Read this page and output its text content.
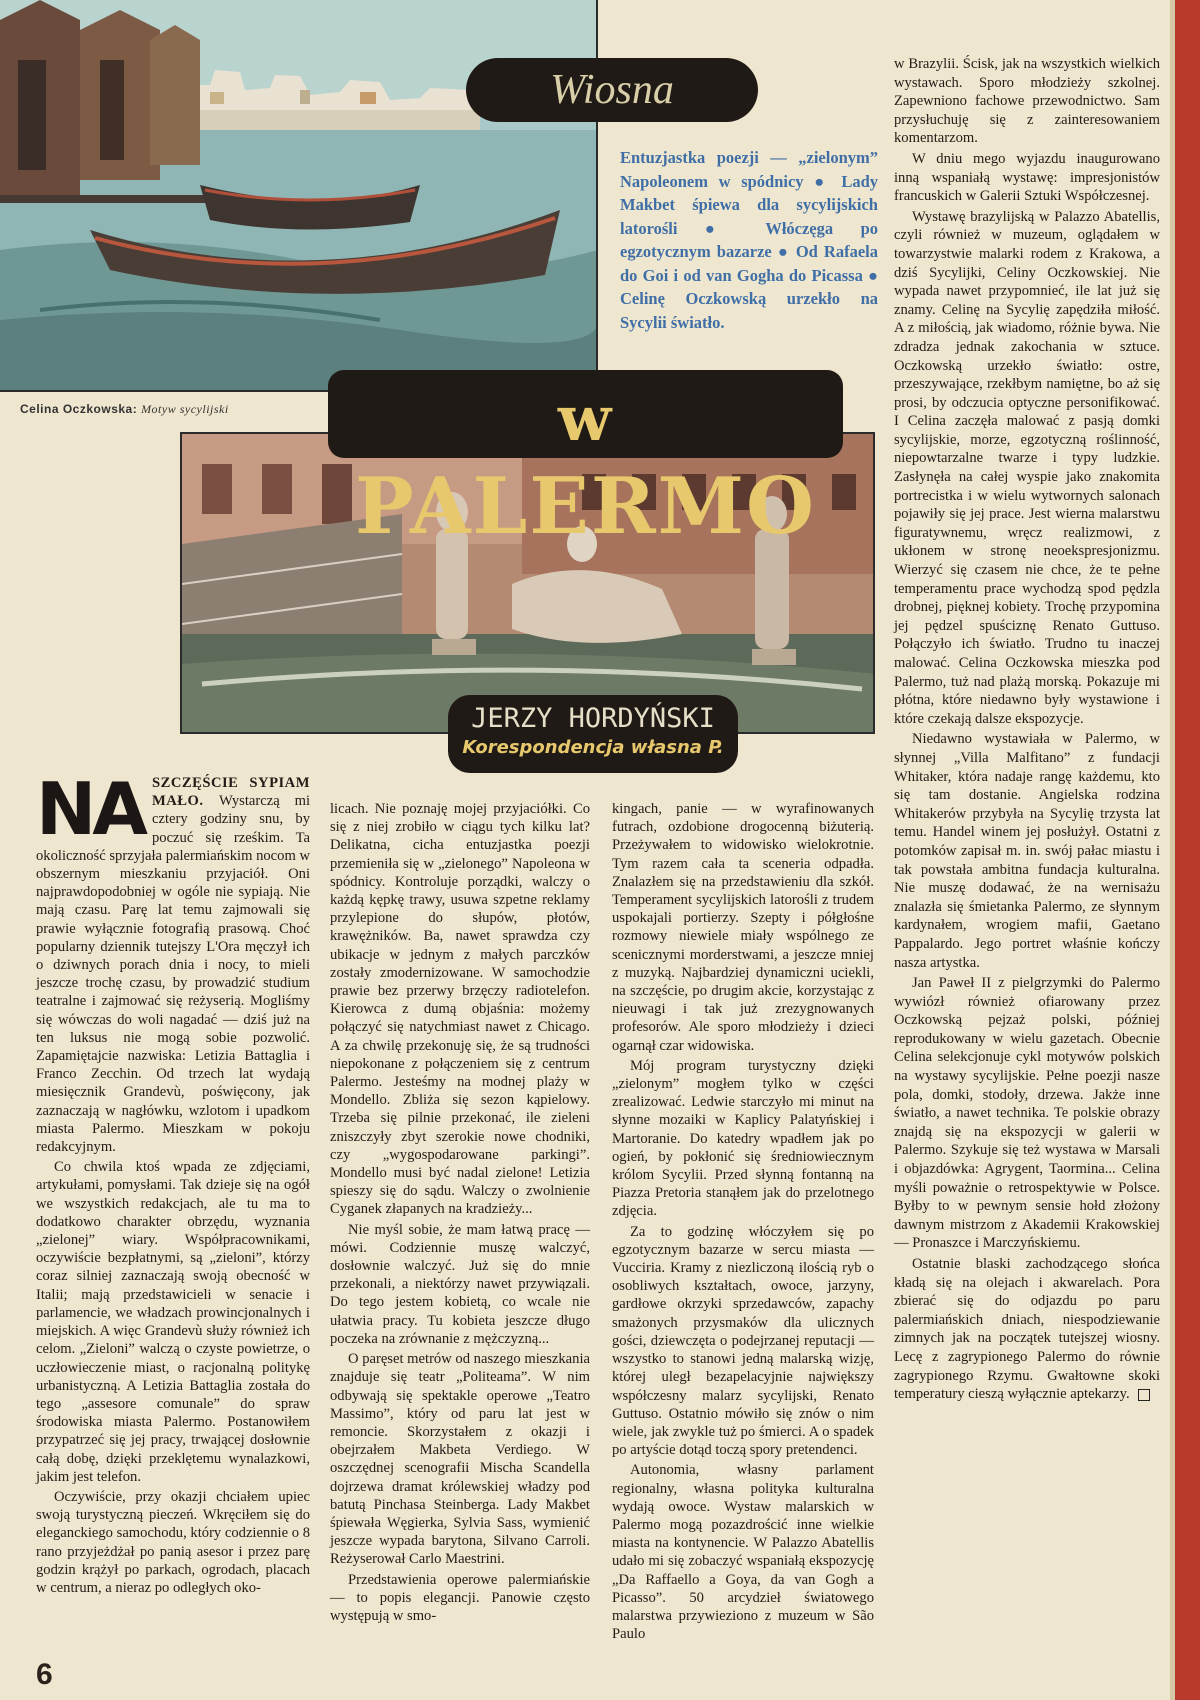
Celina Oczkowska: Motyw sycylijski
Wiosna
Entuzjastka poezji — „zielonym” Napoleonem w spódnicy ● Lady Makbet śpiewa dla sycylijskich latorośli ● Włóczęga po egzotycznym bazarze ● Od Rafaela do Goi i od van Gogha do Picassa ● Celinę Oczkowską urzekło na Sycylii światło.
w PALERMO
JERZY HORDYŃSKI
Korespondencja własna P.

NA SZCZĘŚCIE SYPIAM MAŁO. Wystarczą mi cztery godziny snu, by poczuć się rześkim. Ta okoliczność sprzyjała palermiańskim nocom w obszernym mieszkaniu przyjaciół. Oni najprawdopodobniej w ogóle nie sypiają. Nie mają czasu. Parę lat temu zajmowali się prawie wyłącznie fotografią prasową. Choć popularny dziennik tutejszy L'Ora męczył ich o dziwnych porach dnia i nocy, to mieli jeszcze trochę czasu, by prowadzić studium teatralne i zajmować się reżyserią. Mogliśmy się wówczas do woli nagadać — dziś już na ten luksus nie mogą sobie pozwolić. Zapamiętajcie nazwiska: Letizia Battaglia i Franco Zecchin. Od trzech lat wydają miesięcznik Grandevù, poświęcony, jak zaznaczają w nagłówku, wzlotom i upadkom miasta Palermo. Mieszkam w pokoju redakcyjnym.

Co chwila ktoś wpada ze zdjęciami, artykułami, pomysłami. Tak dzieje się na ogół we wszystkich redakcjach, ale tu ma to dodatkowo charakter obrzędu, wyznania „zielonej” wiary. Współpracownikami, oczywiście bezpłatnymi, są „zieloni”, którzy coraz silniej zaznaczają swoją obecność w Italii; mają przedstawicieli w senacie i parlamencie, we władzach prowincjonalnych i miejskich. A więc Grandevù służy również ich celom. „Zieloni” walczą o czyste powietrze, o uczłowieczenie miast, o racjonalną politykę urbanistyczną. A Letizia Battaglia została do tego „assesore comunale” do spraw środowiska miasta Palermo. Postanowiłem przypatrzeć się jej pracy, trwającej dosłownie całą dobę, dzięki przeklętemu wynalazkowi, jakim jest telefon.

Oczywiście, przy okazji chciałem upiec swoją turystyczną pieczeń. Wkręciłem się do eleganckiego samochodu, który codziennie o 8 rano przyjeżdżał po panią asesor i przez parę godzin krążył po parkach, ogrodach, placach w centrum, a nieraz po odległych oko-

licach. Nie poznaję mojej przyjaciółki. Co się z niej zrobiło w ciągu tych kilku lat? Delikatna, cicha entuzjastka poezji przemieniła się w „zielonego” Napoleona w spódnicy. Kontroluje porządki, walczy o każdą kępkę trawy, usuwa szpetne reklamy przylepione do słupów, płotów, krawężników. Ba, nawet sprawdza czy ubikacje w jednym z małych parczków zostały zmodernizowane. W samochodzie prawie bez przerwy brzęczy radiotelefon. Kierowca z dumą objaśnia: możemy połączyć się natychmiast nawet z Chicago. A za chwilę przekonuję się, że są trudności niepokonane z połączeniem się z centrum Palermo. Jesteśmy na modnej plaży w Mondello. Zbliża się sezon kąpielowy. Trzeba się pilnie przekonać, ile zieleni zniszczyły zbyt szerokie nowe chodniki, czy „wygospodarowane parkingi”. Mondello musi być nadal zielone! Letizia spieszy się do sądu. Walczy o zwolnienie Cyganek złapanych na kradzieży...

Nie myśl sobie, że mam łatwą pracę — mówi. Codziennie muszę walczyć, dosłownie walczyć. Już się do mnie przekonali, a niektórzy nawet przywiązali. Do tego jestem kobietą, co wcale nie ułatwia pracy. Tu kobieta jeszcze długo poczeka na zrównanie z mężczyzną...

O paręset metrów od naszego mieszkania znajduje się teatr „Politeama”. W nim odbywają się spektakle operowe „Teatro Massimo”, który od paru lat jest w remoncie. Skorzystałem z okazji i obejrzałem Makbeta Verdiego. W oszczędnej scenografii Mischa Scandella dojrzewa dramat królewskiej władzy pod batutą Pinchasa Steinberga. Lady Makbet śpiewała Węgierka, Sylvia Sass, wymienić jeszcze wypada barytona, Silvano Carroli. Reżyserował Carlo Maestrini.

Przedstawienia operowe palermiańskie — to popis elegancji. Panowie często występują w smo-

kingach, panie — w wyrafinowanych futrach, ozdobione drogocenną biżuterią. Przeżywałem to widowisko wielokrotnie. Tym razem cała ta sceneria odpadła. Znalazłem się na przedstawieniu dla szkół. Temperament sycylijskich latorośli z trudem uspokajali portierzy. Szepty i półgłośne rozmowy niewiele miały wspólnego ze scenicznymi morderstwami, a jeszcze mniej z muzyką. Najbardziej dynamiczni uciekli, na szczęście, po drugim akcie, korzystając z nieuwagi i tak już zrezygnowanych profesorów. Ale sporo młodzieży i dzieci ogarnął czar widowiska.

Mój program turystyczny dzięki „zielonym” mogłem tylko w części zrealizować. Ledwie starczyło mi minut na słynne mozaiki w Kaplicy Palatyńskiej i Martoranie. Do katedry wpadłem jak po ogień, by pokłonić się średniowiecznym królom Sycylii. Przed słynną fontanną na Piazza Pretoria stanąłem jak do przelotnego zdjęcia.

Za to godzinę włóczyłem się po egzotycznym bazarze w sercu miasta — Vucciria. Kramy z niezliczoną ilością ryb o osobliwych kształtach, owoce, jarzyny, gardłowe okrzyki sprzedawców, zapachy smażonych przysmaków dla ulicznych gości, dziewczęta o podejrzanej reputacji — wszystko to stanowi jedną malarską wizję, której uległ bezapelacyjnie największy współczesny malarz sycylijski, Renato Guttuso. Ostatnio mówiło się znów o nim wiele, jak zwykle tuż po śmierci. A o spadek po artyście dotąd toczą spory pretendenci.

Autonomia, własny parlament regionalny, własna polityka kulturalna wydają owoce. Wystaw malarskich w Palermo mogą pozazdrościć inne wielkie miasta na kontynencie. W Palazzo Abatellis udało mi się zobaczyć wspaniałą ekspozycję „Da Raffaello a Goya, da van Gogh a Picasso”. 50 arcydzieł światowego malarstwa przywieziono z muzeum w São Paulo

w Brazylii. Ścisk, jak na wszystkich wielkich wystawach. Sporo młodzieży szkolnej. Zapewniono fachowe przewodnictwo. Sam przysłuchuję się z zainteresowaniem komentarzom.

W dniu mego wyjazdu inaugurowano inną wspaniałą wystawę: impresjonistów francuskich w Galerii Sztuki Współczesnej.

Wystawę brazylijską w Palazzo Abatellis, czyli również w muzeum, oglądałem w towarzystwie malarki rodem z Krakowa, a dziś Sycylijki, Celiny Oczkowskiej. Nie wypada nawet przypomnieć, ile lat już się znamy. Celinę na Sycylię zapędziła miłość. A z miłością, jak wiadomo, różnie bywa. Nie zdradza jednak zakochania w sztuce. Oczkowską urzekło światło: ostre, przeszywające, rzekłbym namiętne, bo aż się prosi, by odczucia optyczne personifikować. I Celina zaczęła malować z pasją domki sycylijskie, morze, egzotyczną roślinność, niepowtarzalne twarze i typy ludzkie. Zasłynęła na całej wyspie jako znakomita portrecistka i w wielu wytwornych salonach pojawiły się jej prace. Jest wierna malarstwu figuratywnemu, wręcz realizmowi, z ukłonem w stronę neoekspresjonizmu. Wierzyć się czasem nie chce, że te pełne temperamentu prace wychodzą spod pędzla drobnej, pięknej kobiety. Trochę przypomina jej pędzel spuściznę Renato Guttuso. Połączyło ich światło. Trudno tu inaczej malować. Celina Oczkowska mieszka pod Palermo, tuż nad plażą morską. Pokazuje mi płótna, które niedawno były wystawione i które czekają dalsze ekspozycje.

Niedawno wystawiała w Palermo, w słynnej „Villa Malfitano” z fundacji Whitaker, która nadaje rangę każdemu, kto się tam dostanie. Angielska rodzina Whitakerów przybyła na Sycylię trzysta lat temu. Handel winem jej posłużył. Ostatni z potomków zapisał m. in. swój pałac miastu i tak powstała ambitna fundacja kulturalna. Nie muszę dodawać, że na wernisażu znalazła się śmietanka Palermo, ze słynnym kardynałem, wrogiem mafii, Gaetano Pappalardo. Jego portret właśnie kończy nasza artystka.

Jan Paweł II z pielgrzymki do Palermo wywiózł również ofiarowany przez Oczkowską pejzaż polski, później reprodukowany w wielu gazetach. Obecnie Celina selekcjonuje cykl motywów polskich na wystawy sycylijskie. Pełne poezji nasze pola, domki, stodoły, drzewa. Jakże inne światło, a nawet technika. Te polskie obrazy znajdą się na ekspozycji w galerii w Palermo. Szykuje się też wystawa w Marsali i objazdówka: Agrygent, Taormina... Celina myśli poważnie o retrospektywie w Polsce. Byłby to w pewnym sensie hołd złożony dawnym mistrzom z Akademii Krakowskiej — Pronaszce i Marczyńskiemu.

Ostatnie blaski zachodzącego słońca kładą się na olejach i akwarelach. Pora zbierać się do odjazdu po paru palermiańskich dniach, niespodziewanie zimnych jak na początek tutejszej wiosny. Lecę z zagrypionego Palermo do równie zagrypionego Rzymu. Gwałtowne skoki temperatury cieszą wyłącznie aptekarzy.

6
